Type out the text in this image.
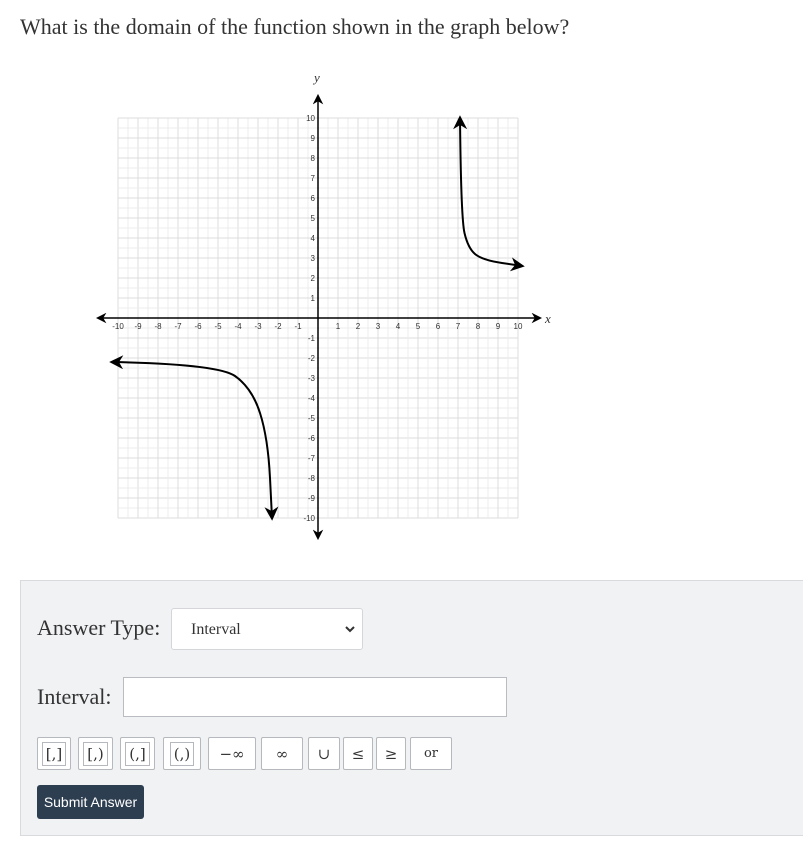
What is the domain of the function shown in the graph below?
x
y
-10 -9 -8 -7 -6 -5 -4 -3 -2 -1	1 2 3 4 5 6 7 8 9 10
10
9
8
7
6
5
4
3
2
1
-1
-2
-3
-4
-5
-6
-7
-8
-9
-10
Answer Type: Interval
Interval:
[,] [,) (,] (,) −∞ ∞ ∪ ≤ ≥ or
Submit Answer
